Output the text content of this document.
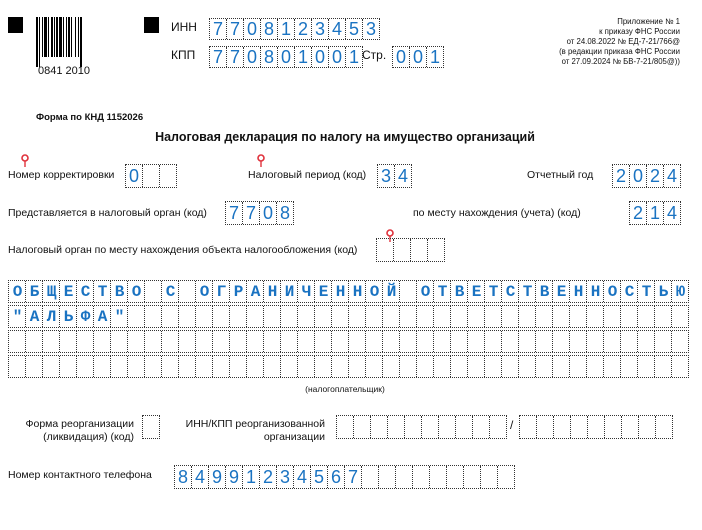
0841 2010
ИНН 7 7 0 8 1 2 3 4 5 3
КПП 7 7 0 8 0 1 0 0 1 Стр. 0 0 1
Приложение № 1
к приказу ФНС России
от 24.08.2022 № ЕД-7-21/766@
(в редакции приказа ФНС России
от 27.09.2024 № БВ-7-21/805@))
Форма по КНД 1152026
Налоговая декларация по налогу на имущество организаций
Номер корректировки 0	Налоговый период (код) 3 4	Отчетный год 2 0 2 4
Представляется в налоговый орган (код) 7 7 0 8	по месту нахождения (учета) (код)	2 1 4
Налоговый орган по месту нахождения объекта налогообложения (код)
ОБЩЕСТВО С ОГРАНИЧЕННОЙ ОТВЕТСТВЕННОСТЬЮ
"АЛЬФА"
(налогоплательщик)
Форма реорганизации
(ликвидация) (код)
ИНН/КПП реорганизованной
организации
/
Номер контактного телефона 8 4 9 9 1 2 3 4 5 6 7
